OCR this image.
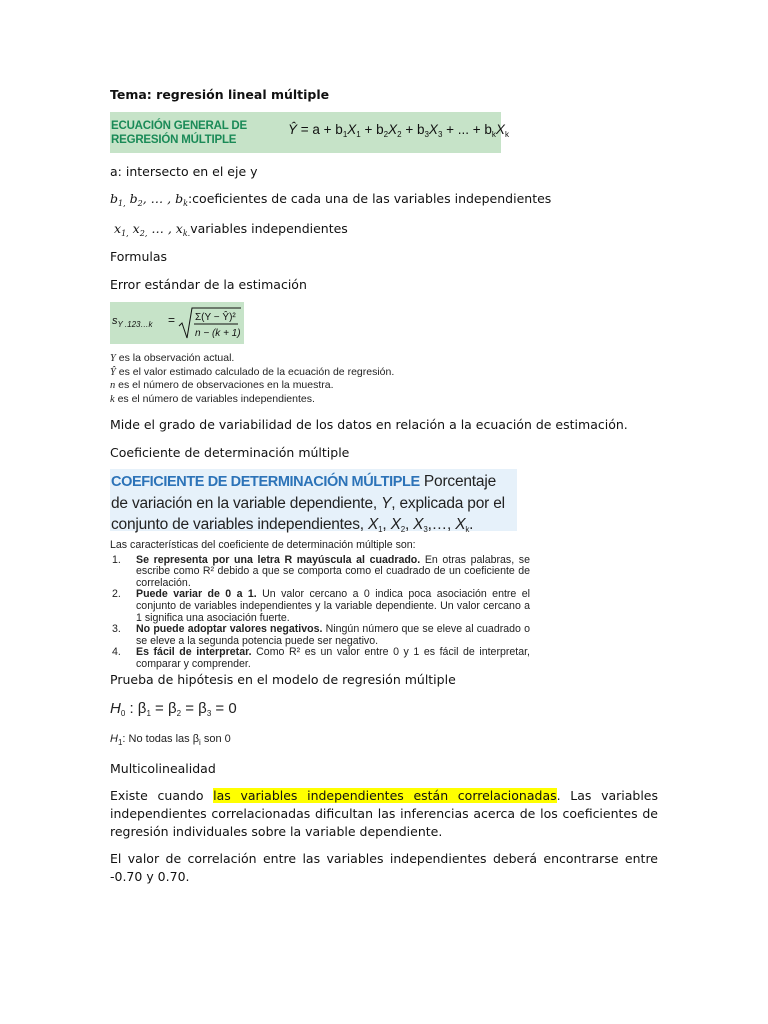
Tema: regresión lineal múltiple
ECUACIÓN GENERAL DE
REGRESIÓN MÚLTIPLE
Ŷ = $a + b_1X_1 + b_2X_2 + b_3X_3$ + ... + $b_kX_k$
a: intersecto en el eje y
$b_{1,}$ $b_2$, … , $b_k:coeficientes$ de cada una de las variables independientes
$x_{1,}$ $x_{2,}$ … , $x_{k.}variables$ independientes
Formulas
Error estándar de la estimación
$s_{Y .123\dots k} = \Sigma(Y$ − Ŷ)²
n − (k + 1)
Y es la observación actual.
Ŷ es el valor estimado calculado de la ecuación de regresión.
n es el número de observaciones en la muestra.
k es el número de variables independientes.
Mide el grado de variabilidad de los datos en relación a la ecuación de estimación.
Coeficiente de determinación múltiple
COEFICIENTE DE DETERMINACIÓN MÚLTIPLE Porcentaje de variación en la variable dependiente, Y, explicada por el conjunto de variables independientes, $X_1$, $X_2$, $X_3,\dots$, $X_k$.
Las características del coeficiente de determinación múltiple son:
1. Se representa por una letra R mayúscula al cuadrado. En otras palabras, se escribe como R² debido a que se comporta como el cuadrado de un coeficiente de correlación.
2. Puede variar de 0 a 1. Un valor cercano a 0 indica poca asociación entre el conjunto de variables independientes y la variable dependiente. Un valor cercano a 1 significa una asociación fuerte.
3. No puede adoptar valores negativos. Ningún número que se eleve al cuadrado o se eleve a la segunda potencia puede ser negativo.
4. Es fácil de interpretar. Como R² es un valor entre 0 y 1 es fácil de interpretar, comparar y comprender.
Prueba de hipótesis en el modelo de regresión múltiple
$H_0$ : $\beta_1 = \beta_2 = \beta_3 = 0$
$H_1$: No todas las $\beta_i$ son 0
Multicolinealidad
Existe cuando las variables independientes están correlacionadas. Las variables independientes correlacionadas dificultan las inferencias acerca de los coeficientes de regresión individuales sobre la variable dependiente.
El valor de correlación entre las variables independientes deberá encontrarse entre -0.70 y 0.70.
